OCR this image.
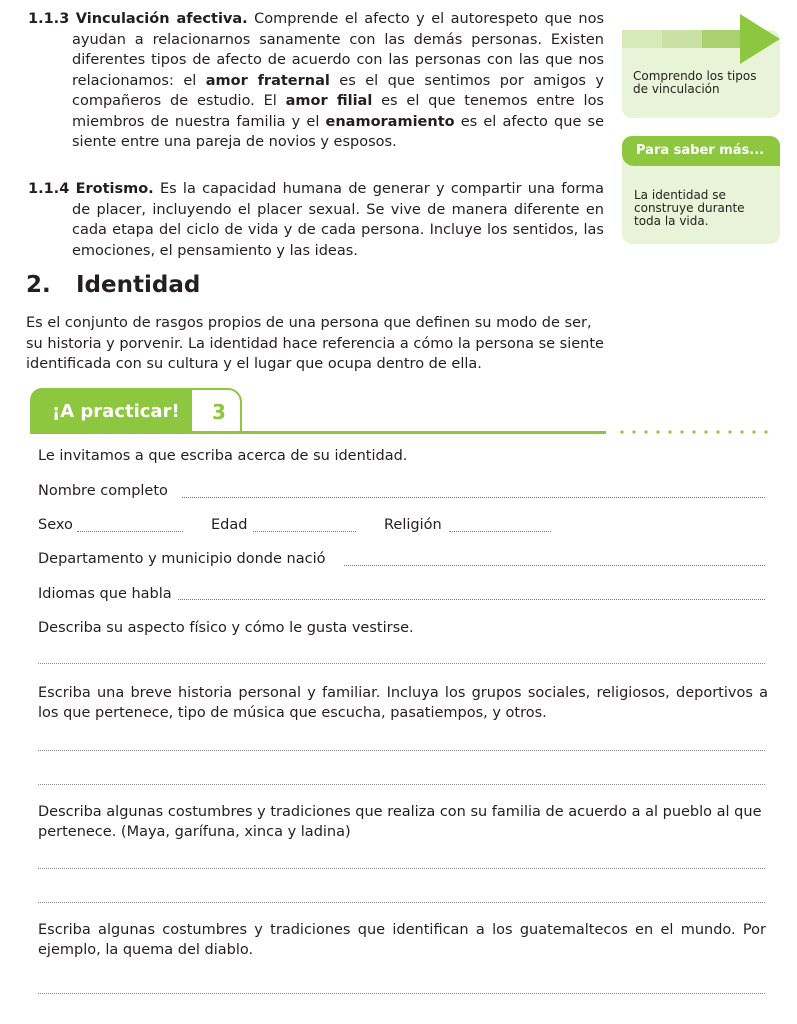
1.1.3 Vinculación afectiva. Comprende el afecto y el autorespeto que nos ayudan a relacionarnos sanamente con las demás personas. Existen diferentes tipos de afecto de acuerdo con las personas con las que nos relacionamos: el amor fraternal es el que sentimos por amigos y compañeros de estudio. El amor filial es el que tenemos entre los miembros de nuestra familia y el enamoramiento es el afecto que se siente entre una pareja de novios y esposos.
1.1.4 Erotismo. Es la capacidad humana de generar y compartir una forma de placer, incluyendo el placer sexual. Se vive de manera diferente en cada etapa del ciclo de vida y de cada persona. Incluye los sentidos, las emociones, el pensamiento y las ideas.
Comprendo los tipos de vinculación
Para saber más...
La identidad se construye durante toda la vida.
2. Identidad
Es el conjunto de rasgos propios de una persona que definen su modo de ser, su historia y porvenir. La identidad hace referencia a cómo la persona se siente identificada con su cultura y el lugar que ocupa dentro de ella.
¡A practicar!	3
Le invitamos a que escriba acerca de su identidad.
Nombre completo
Sexo	Edad	Religión
Departamento y municipio donde nació
Idiomas que habla
Describa su aspecto físico y cómo le gusta vestirse.
Escriba una breve historia personal y familiar. Incluya los grupos sociales, religiosos, deportivos a los que pertenece, tipo de música que escucha, pasatiempos, y otros.
Describa algunas costumbres y tradiciones que realiza con su familia de acuerdo a al pueblo al que pertenece. (Maya, garífuna, xinca y ladina)
Escriba algunas costumbres y tradiciones que identifican a los guatemaltecos en el mundo. Por ejemplo, la quema del diablo.
